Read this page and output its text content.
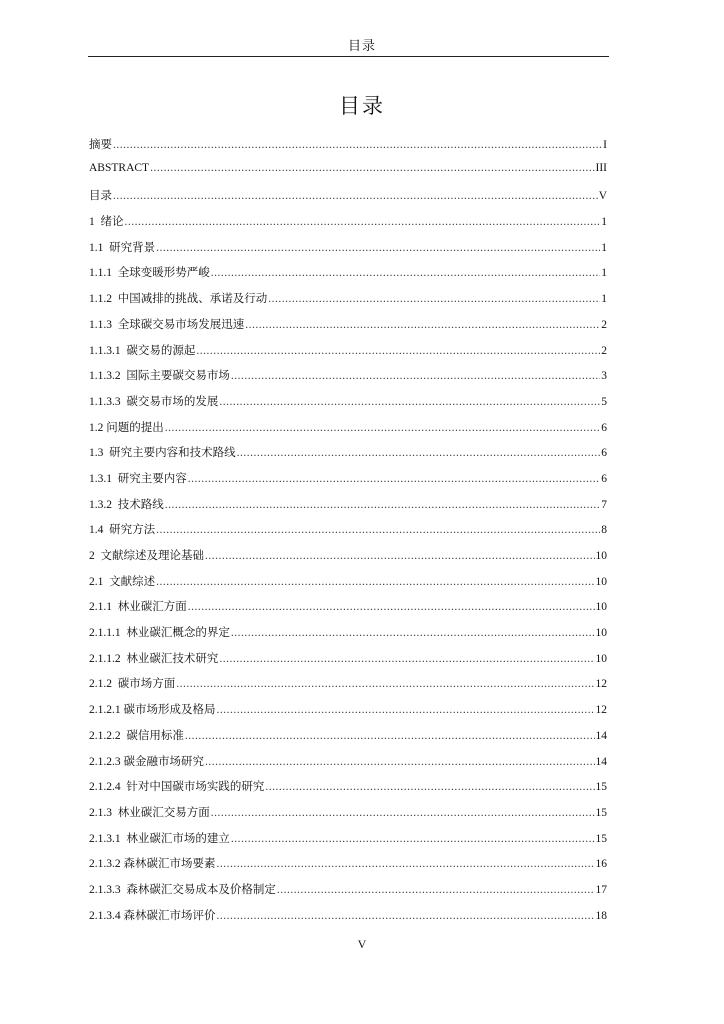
目录
目录
摘要 .....	I
ABSTRACT .....	III
目录 .....	V
1  绪论 .....	1
1.1  研究背景 .....	1
1.1.1  全球变暖形势严峻 .....	1
1.1.2  中国减排的挑战、承诺及行动 .....	1
1.1.3  全球碳交易市场发展迅速 .....	2
1.1.3.1  碳交易的源起 .....	2
1.1.3.2  国际主要碳交易市场 .....	3
1.1.3.3  碳交易市场的发展 .....	5
1.2 问题的提出 .....	6
1.3  研究主要内容和技术路线 .....	6
1.3.1  研究主要内容 .....	6
1.3.2  技术路线 .....	7
1.4  研究方法 .....	8
2  文献综述及理论基础 .....	10
2.1  文献综述 .....	10
2.1.1  林业碳汇方面 .....	10
2.1.1.1  林业碳汇概念的界定 .....	10
2.1.1.2  林业碳汇技术研究 .....	10
2.1.2  碳市场方面 .....	12
2.1.2.1 碳市场形成及格局 .....	12
2.1.2.2  碳信用标准 .....	14
2.1.2.3 碳金融市场研究 .....	14
2.1.2.4  针对中国碳市场实践的研究 .....	15
2.1.3  林业碳汇交易方面 .....	15
2.1.3.1  林业碳汇市场的建立 .....	15
2.1.3.2 森林碳汇市场要素 .....	16
2.1.3.3  森林碳汇交易成本及价格制定 .....	17
2.1.3.4 森林碳汇市场评价 .....	18
V
